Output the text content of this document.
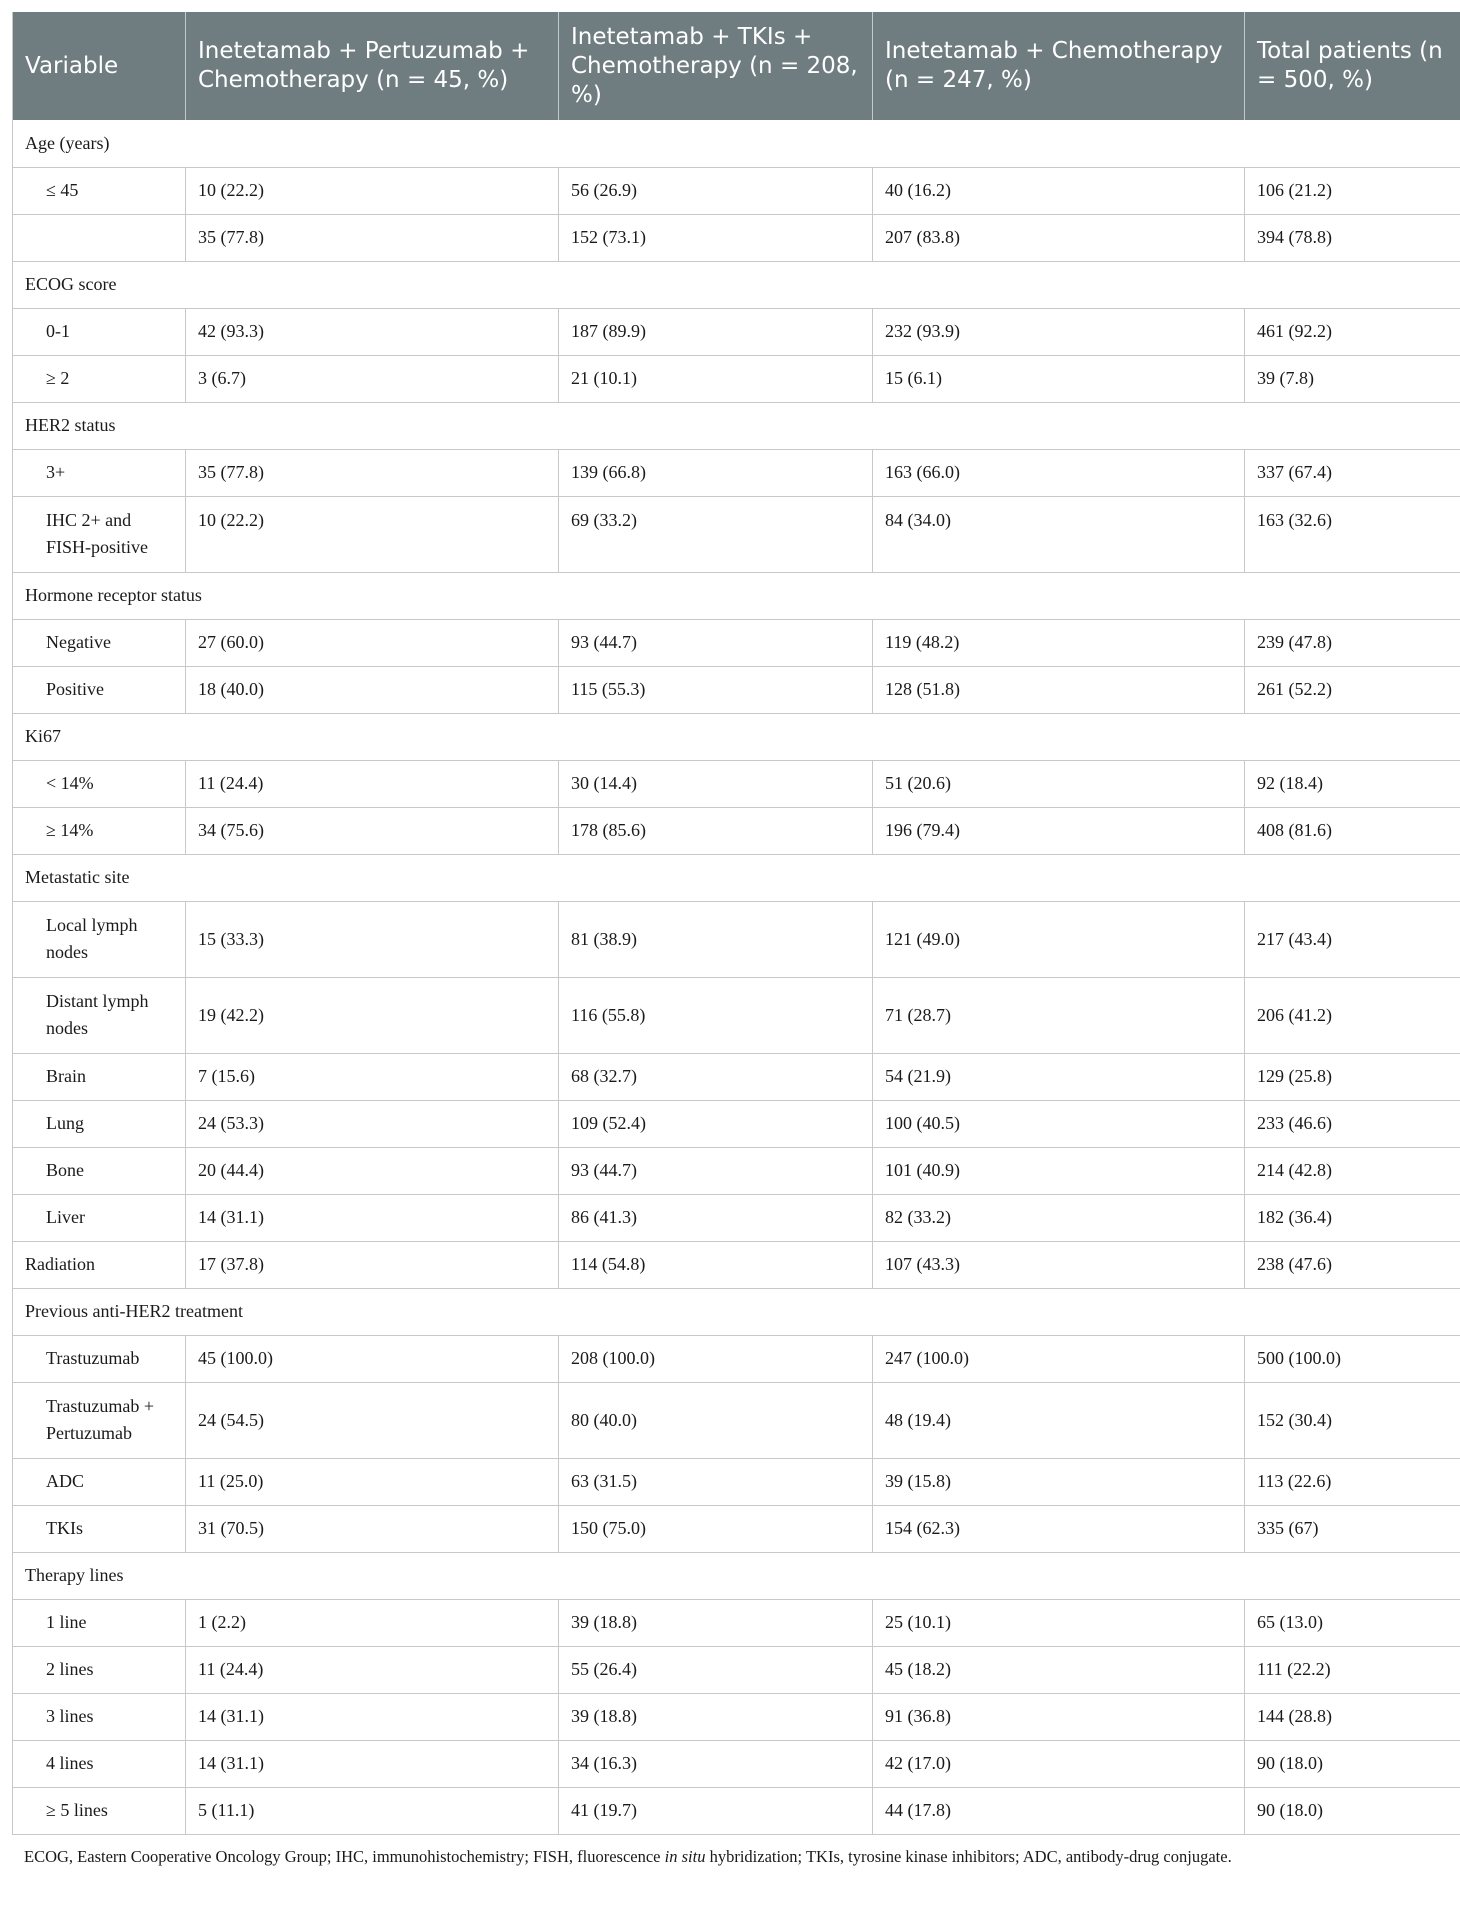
Variable	Inetetamab + Pertuzumab + Chemotherapy (n = 45, %)	Inetetamab + TKIs + Chemotherapy (n = 208, %)	Inetetamab + Chemotherapy (n = 247, %)	Total patients (n = 500, %)
Age (years)				
≤ 45	10 (22.2)	56 (26.9)	40 (16.2)	106 (21.2)
	35 (77.8)	152 (73.1)	207 (83.8)	394 (78.8)
ECOG score				
0-1	42 (93.3)	187 (89.9)	232 (93.9)	461 (92.2)
≥ 2	3 (6.7)	21 (10.1)	15 (6.1)	39 (7.8)
HER2 status				
3+	35 (77.8)	139 (66.8)	163 (66.0)	337 (67.4)
IHC 2+ and FISH-positive	10 (22.2)	69 (33.2)	84 (34.0)	163 (32.6)
Hormone receptor status				
Negative	27 (60.0)	93 (44.7)	119 (48.2)	239 (47.8)
Positive	18 (40.0)	115 (55.3)	128 (51.8)	261 (52.2)
Ki67				
< 14%	11 (24.4)	30 (14.4)	51 (20.6)	92 (18.4)
≥ 14%	34 (75.6)	178 (85.6)	196 (79.4)	408 (81.6)
Metastatic site				
Local lymph nodes	15 (33.3)	81 (38.9)	121 (49.0)	217 (43.4)
Distant lymph nodes	19 (42.2)	116 (55.8)	71 (28.7)	206 (41.2)
Brain	7 (15.6)	68 (32.7)	54 (21.9)	129 (25.8)
Lung	24 (53.3)	109 (52.4)	100 (40.5)	233 (46.6)
Bone	20 (44.4)	93 (44.7)	101 (40.9)	214 (42.8)
Liver	14 (31.1)	86 (41.3)	82 (33.2)	182 (36.4)
Radiation	17 (37.8)	114 (54.8)	107 (43.3)	238 (47.6)
Previous anti-HER2 treatment				
Trastuzumab	45 (100.0)	208 (100.0)	247 (100.0)	500 (100.0)
Trastuzumab + Pertuzumab	24 (54.5)	80 (40.0)	48 (19.4)	152 (30.4)
ADC	11 (25.0)	63 (31.5)	39 (15.8)	113 (22.6)
TKIs	31 (70.5)	150 (75.0)	154 (62.3)	335 (67)
Therapy lines				
1 line	1 (2.2)	39 (18.8)	25 (10.1)	65 (13.0)
2 lines	11 (24.4)	55 (26.4)	45 (18.2)	111 (22.2)
3 lines	14 (31.1)	39 (18.8)	91 (36.8)	144 (28.8)
4 lines	14 (31.1)	34 (16.3)	42 (17.0)	90 (18.0)
≥ 5 lines	5 (11.1)	41 (19.7)	44 (17.8)	90 (18.0)
ECOG, Eastern Cooperative Oncology Group; IHC, immunohistochemistry; FISH, fluorescence in situ hybridization; TKIs, tyrosine kinase inhibitors; ADC, antibody-drug conjugate.
